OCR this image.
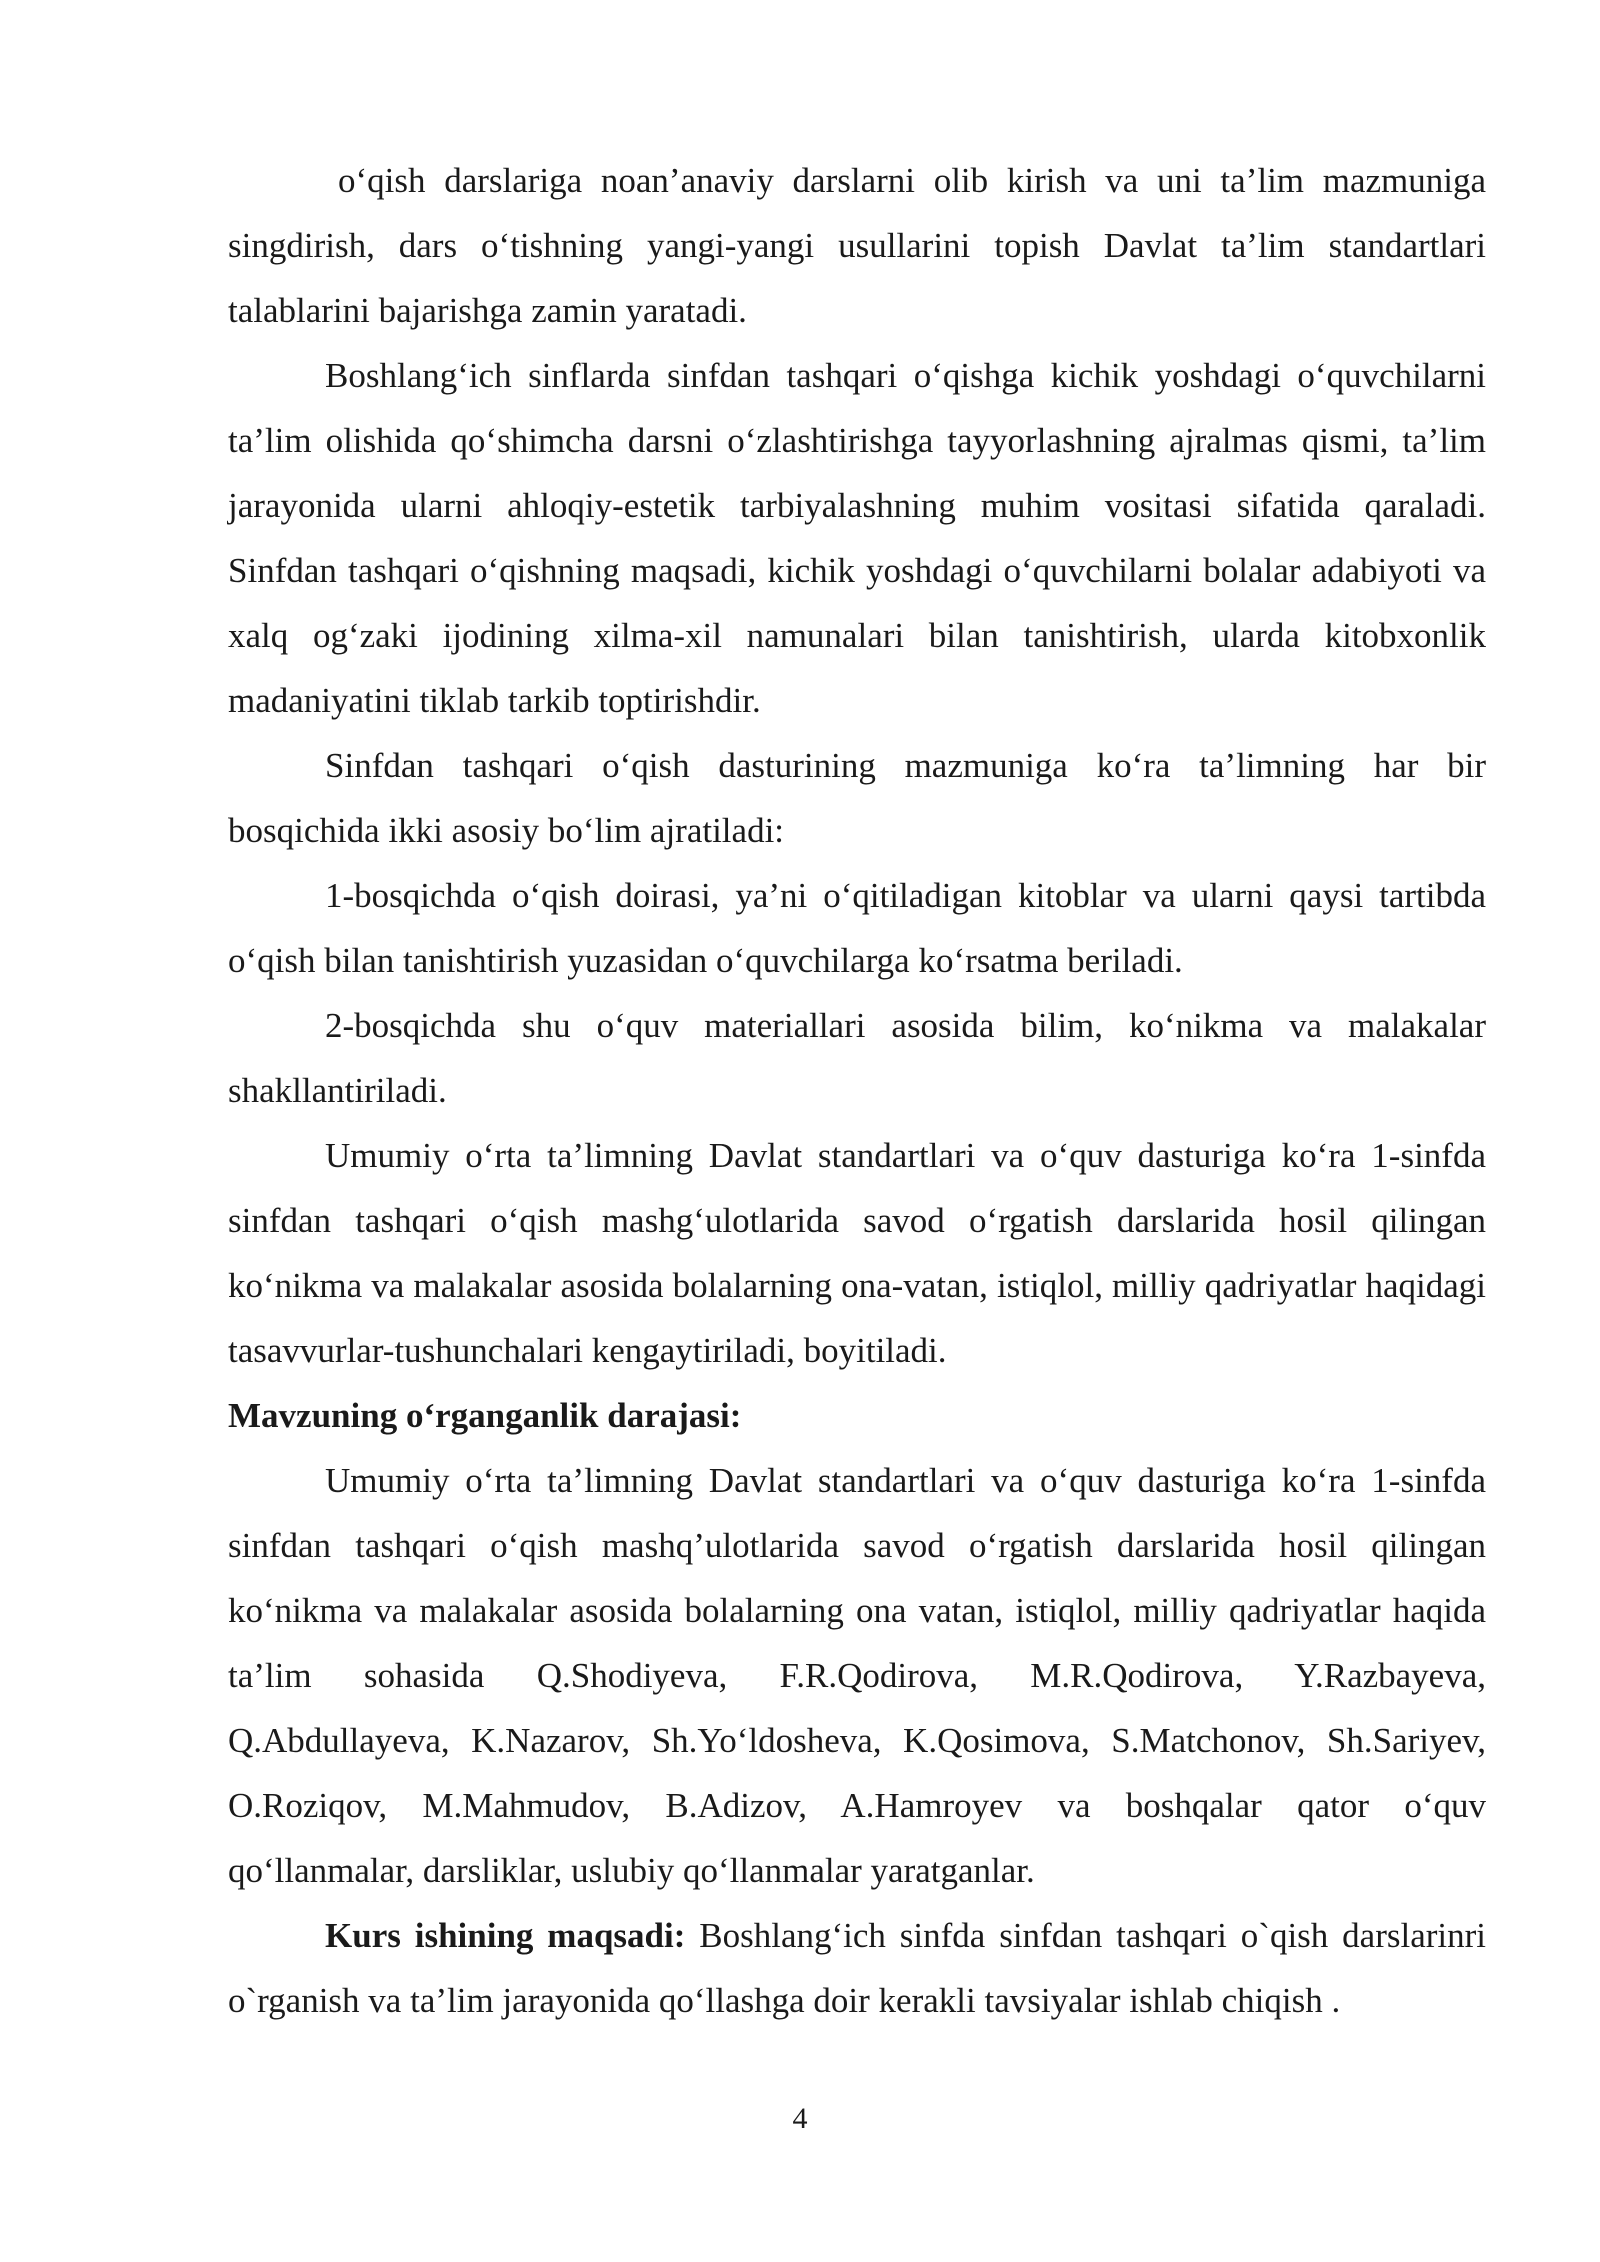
o‘qish darslariga noan’anaviy darslarni olib kirish va uni ta’lim mazmuniga singdirish, dars o‘tishning yangi-yangi usullarini topish Davlat ta’lim standartlari talablarini bajarishga zamin yaratadi.

Boshlang‘ich sinflarda sinfdan tashqari o‘qishga kichik yoshdagi o‘quvchilarni ta’lim olishida qo‘shimcha darsni o‘zlashtirishga tayyorlashning ajralmas qismi, ta’lim jarayonida ularni ahloqiy-estetik tarbiyalashning muhim vositasi sifatida qaraladi. Sinfdan tashqari o‘qishning maqsadi, kichik yoshdagi o‘quvchilarni bolalar adabiyoti va xalq og‘zaki ijodining xilma-xil namunalari bilan tanishtirish, ularda kitobxonlik madaniyatini tiklab tarkib toptirishdir.

Sinfdan tashqari o‘qish dasturining mazmuniga ko‘ra ta’limning har bir bosqichida ikki asosiy bo‘lim ajratiladi:

1-bosqichda o‘qish doirasi, ya’ni o‘qitiladigan kitoblar va ularni qaysi tartibda o‘qish bilan tanishtirish yuzasidan o‘quvchilarga ko‘rsatma beriladi.

2-bosqichda shu o‘quv materiallari asosida bilim, ko‘nikma va malakalar shakllantiriladi.

Umumiy o‘rta ta’limning Davlat standartlari va o‘quv dasturiga ko‘ra 1-sinfda sinfdan tashqari o‘qish mashg‘ulotlarida savod o‘rgatish darslarida hosil qilingan ko‘nikma va malakalar asosida bolalarning ona-vatan, istiqlol, milliy qadriyatlar haqidagi tasavvurlar-tushunchalari kengaytiriladi, boyitiladi.

Mavzuning o‘rganganlik darajasi:

Umumiy o‘rta ta’limning Davlat standartlari va o‘quv dasturiga ko‘ra 1-sinfda sinfdan tashqari o‘qish mashq’ulotlarida savod o‘rgatish darslarida hosil qilingan ko‘nikma va malakalar asosida bolalarning ona vatan, istiqlol, milliy qadriyatlar haqida ta’lim sohasida Q.Shodiyeva, F.R.Qodirova, M.R.Qodirova, Y.Razbayeva, Q.Abdullayeva, K.Nazarov, Sh.Yo‘ldosheva, K.Qosimova, S.Matchonov, Sh.Sariyev, O.Roziqov, M.Mahmudov, B.Adizov, A.Hamroyev va boshqalar qator o‘quv qo‘llanmalar, darsliklar, uslubiy qo‘llanmalar yaratganlar.

Kurs ishining maqsadi: Boshlang‘ich sinfda sinfdan tashqari o`qish darslarinri o`rganish va ta’lim jarayonida qo‘llashga doir kerakli tavsiyalar ishlab chiqish .

4
